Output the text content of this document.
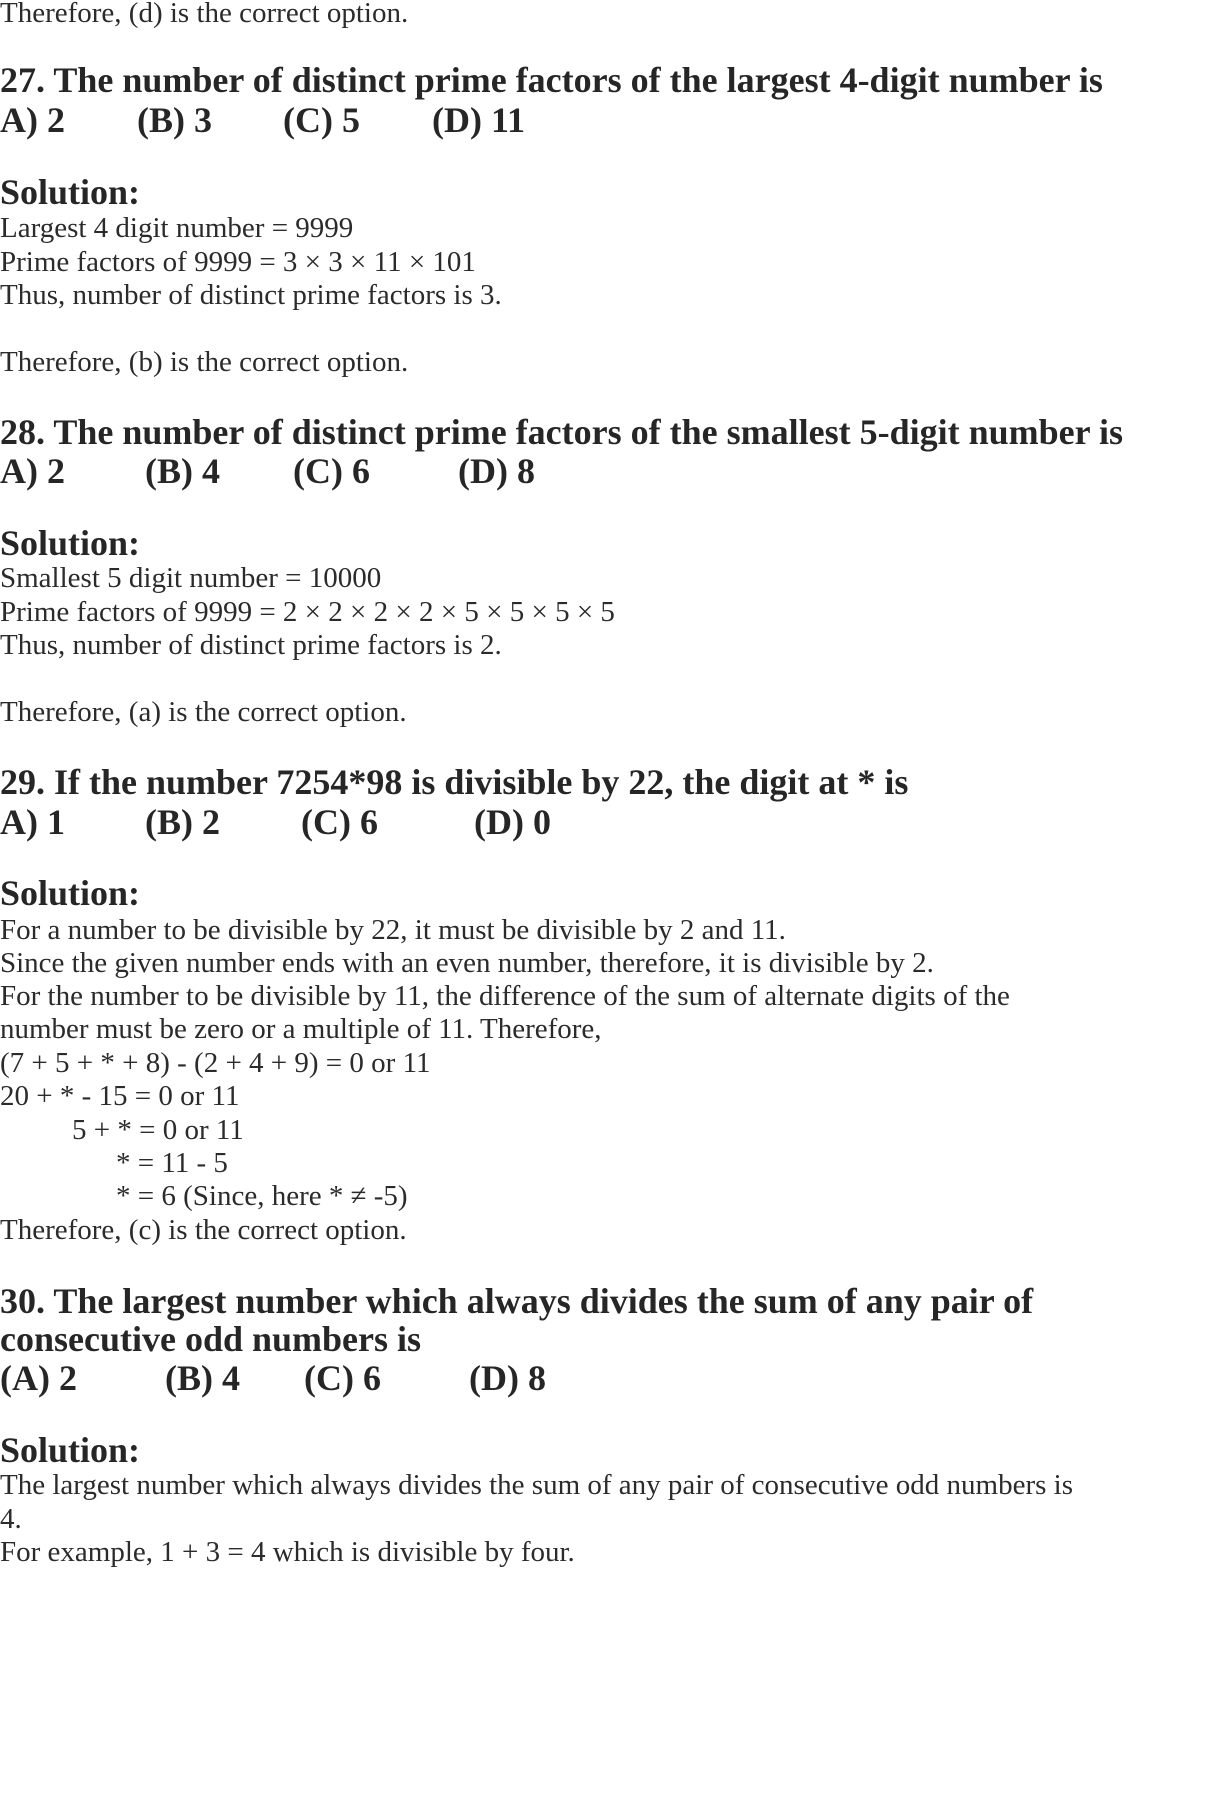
Therefore, (d) is the correct option.

27. The number of distinct prime factors of the largest 4-digit number is
A) 2 (B) 3 (C) 5 (D) 11
Solution:

Largest 4 digit number = 9999

Prime factors of 9999 = 3 × 3 × 11 × 101

Thus, number of distinct prime factors is 3.

Therefore, (b) is the correct option.

28. The number of distinct prime factors of the smallest 5-digit number is
A) 2 (B) 4 (C) 6 (D) 8
Solution:

Smallest 5 digit number = 10000

Prime factors of 9999 = 2 × 2 × 2 × 2 × 5 × 5 × 5 × 5

Thus, number of distinct prime factors is 2.

Therefore, (a) is the correct option.

29. If the number 7254*98 is divisible by 22, the digit at * is
A) 1 (B) 2 (C) 6	(D) 0
Solution:

For a number to be divisible by 22, it must be divisible by 2 and 11.

Since the given number ends with an even number, therefore, it is divisible by 2.

For the number to be divisible by 11, the difference of the sum of alternate digits of the

number must be zero or a multiple of 11. Therefore,

(7 + 5 + * + 8) - (2 + 4 + 9) = 0 or 11

20 + * - 15 = 0 or 11

5 + * = 0 or 11

* = 11 - 5

* = 6 (Since, here * ≠ -5)

Therefore, (c) is the correct option.

30. The largest number which always divides the sum of any pair of
consecutive odd numbers is
(A) 2 (B) 4 (C) 6 (D) 8
Solution:

The largest number which always divides the sum of any pair of consecutive odd numbers is

4.

For example, 1 + 3 = 4 which is divisible by four.
